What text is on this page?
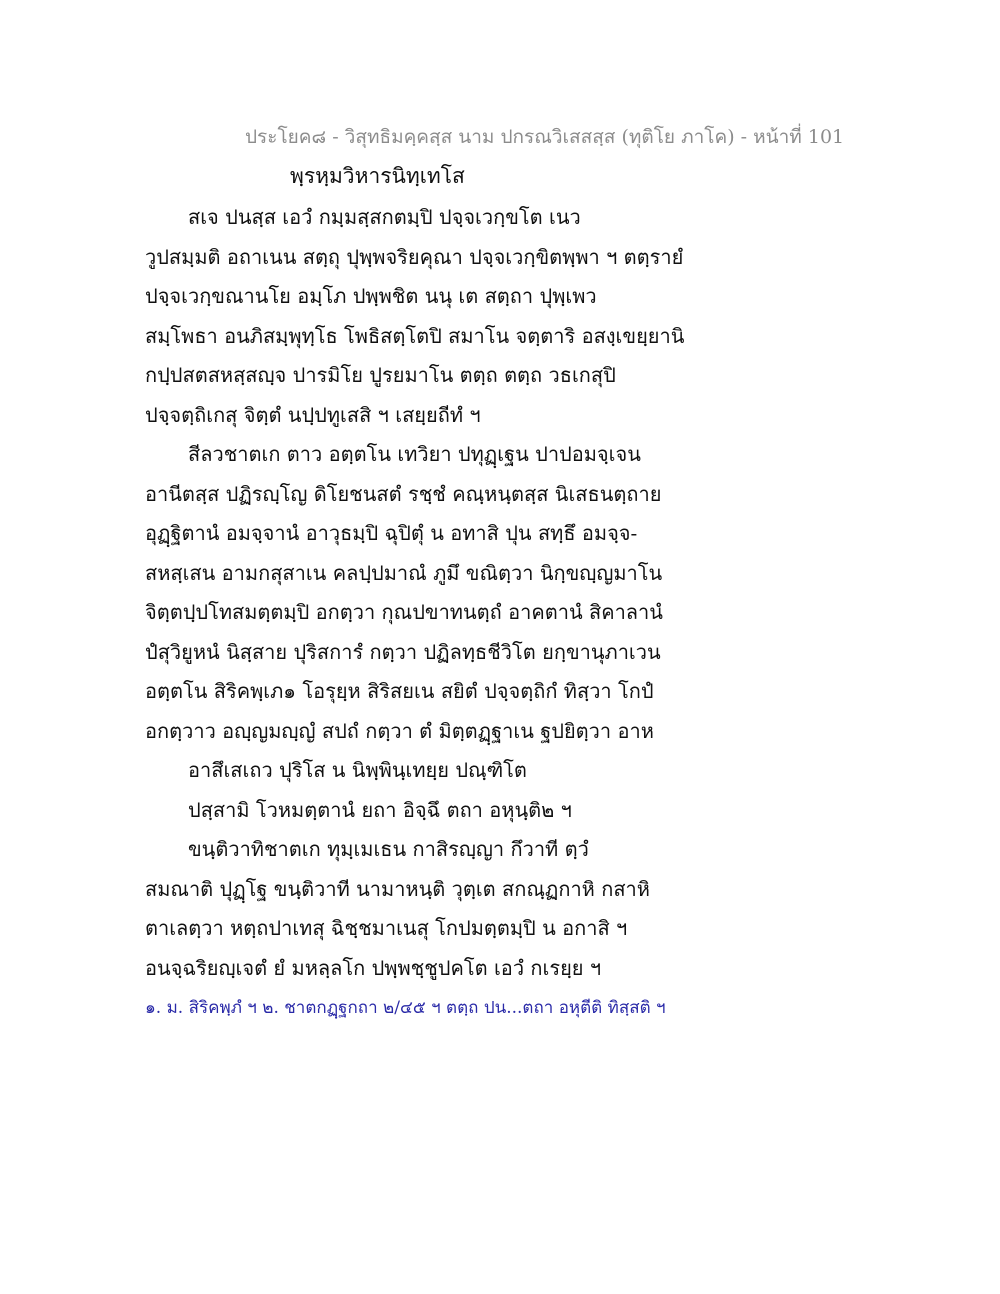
ประโยค๘ - วิสุทธิมคฺคสฺส นาม ปกรณวิเสสสฺส (ทุติโย ภาโค) - หน้าที่ 101
พฺรหฺมวิหารนิทฺเทโส
สเจ ปนสฺส เอวํ กมฺมสฺสกตมฺปิ ปจฺจเวกฺขโต เนว
วูปสมฺมติ อถาเนน สตฺถุ ปุพฺพจริยคุณา ปจฺจเวกฺขิตพฺพา ฯ ตตฺรายํ
ปจฺจเวกฺขณานโย อมฺโภ ปพฺพชิต นนุ เต สตฺถา ปุพฺเพว
สมฺโพธา อนภิสมฺพุทฺโธ โพธิสตฺโตปิ สมาโน จตฺตาริ อสงฺเขยฺยานิ
กปฺปสตสหสฺสญฺจ ปารมิโย ปูรยมาโน ตตฺถ ตตฺถ วธเกสุปิ
ปจฺจตฺถิเกสุ จิตฺตํ นปฺปทูเสสิ ฯ เสยฺยถีทํ ฯ
สีลวชาตเก ตาว อตฺตโน เทวิยา ปทุฏฺเฐน ปาปอมจฺเจน
อานีตสฺส ปฏิรญฺโญ ดิโยชนสตํ รชฺชํ คณฺหนฺตสฺส นิเสธนตฺถาย
อุฏฺฐิตานํ อมจฺจานํ อาวุธมฺปิ ฉุปิตุํ น อทาสิ ปุน สทฺธึ อมจฺจ-
สหสฺเสน อามกสุสาเน คลปฺปมาณํ ภูมึ ขณิตฺวา นิกฺขญฺญมาโน
จิตฺตปฺปโทสมตฺตมฺปิ อกตฺวา กุณปขาทนตฺถํ อาคตานํ สิคาลานํ
ปํสุวิยูหนํ นิสฺสาย ปุริสการํ กตฺวา ปฏิลทฺธชีวิโต ยกฺขานุภาเวน
อตฺตโน สิริคพฺเภ๑ โอรุยฺห สิริสยเน สยิตํ ปจฺจตฺถิกํ ทิสฺวา โกปํ
อกตฺวาว อญฺญมญฺญํ สปถํ กตฺวา ตํ มิตฺตฏฺฐาเน ฐปยิตฺวา อาห
อาสึเสเถว ปุริโส น นิพฺพินฺเทยฺย ปณฺฑิโต
ปสฺสามิ โวหมตฺตานํ ยถา อิจฺฉึ ตถา อหุนฺติ๒ ฯ
ขนฺติวาทิชาตเก ทุมฺเมเธน กาสิรญฺญา กึวาที ตฺวํ
สมณาติ ปุฏฺโฐ ขนฺติวาที นามาหนฺติ วุตฺเต สกณฺฏกาหิ กสาหิ
ตาเลตฺวา หตฺถปาเทสุ ฉิชฺชมาเนสุ โกปมตฺตมฺปิ น อกาสิ ฯ
อนจฺฉริยญฺเจตํ ยํ มหลฺลโก ปพฺพชฺชูปคโต เอวํ กเรยฺย ฯ
๑. ม. สิริคพฺภํ ฯ ๒. ชาตกฏฺฐกถา ๒/๔๕ ฯ ตตฺถ ปน...ตถา อหุตีติ ทิสฺสติ ฯ
